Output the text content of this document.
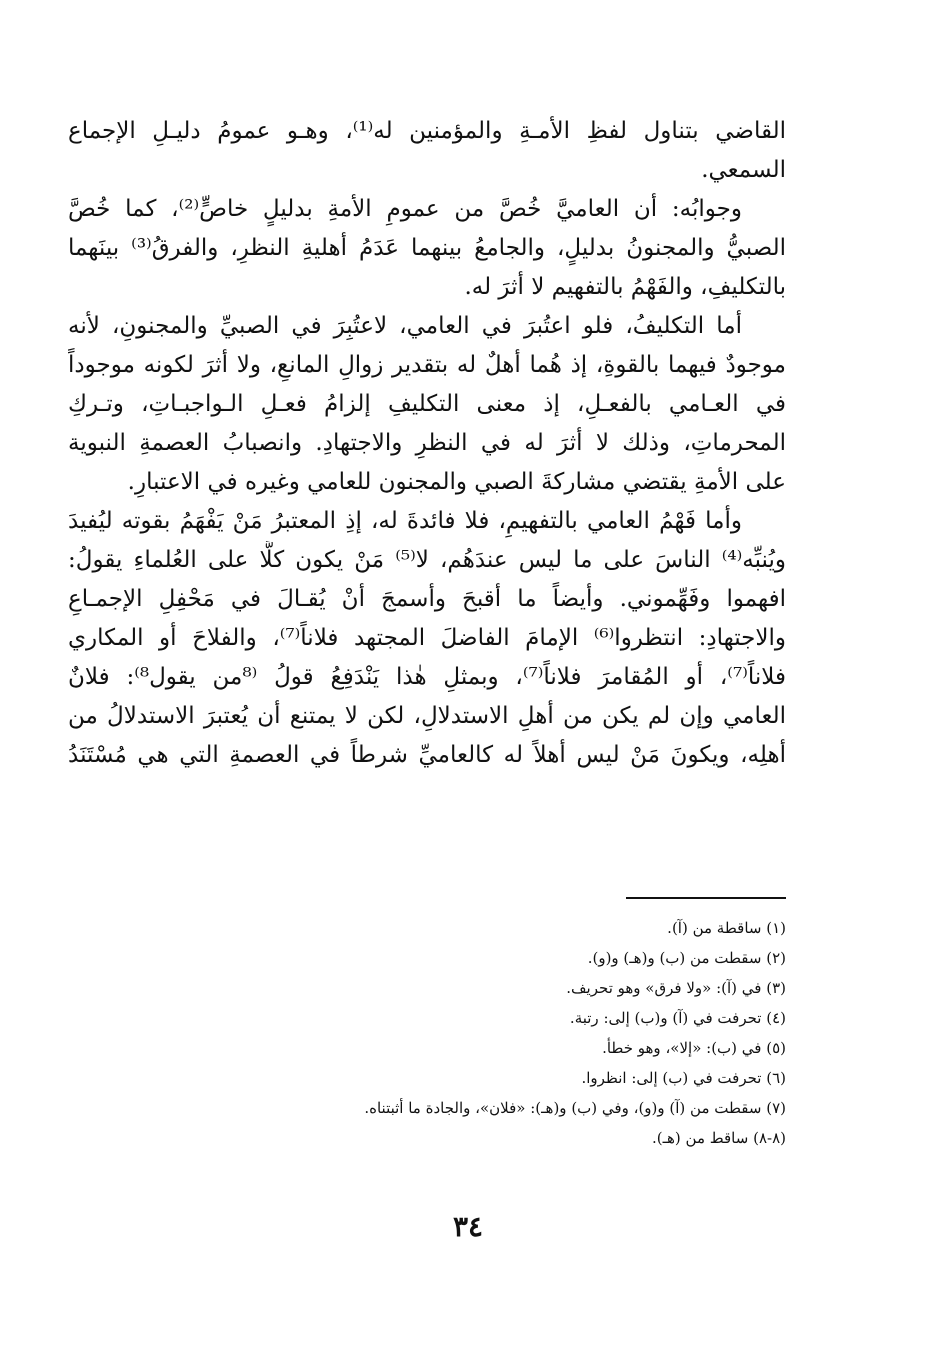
القاضي بتناول لفظِ الأمـةِ والمؤمنين له⁽¹⁾، وهـو عمومُ دليـلِ الإجماع
السمعي.
وجوابُه: أن العاميَّ خُصَّ من عمومِ الأمةِ بدليلٍ خاصٍّ⁽²⁾، كما خُصَّ
الصبيُّ والمجنونُ بدليلٍ، والجامعُ بينهما عَدَمُ أهليةِ النظرِ، والفرقُ⁽³⁾ بينَهما
بالتكليفِ، والفَهْمُ بالتفهيم لا أثرَ له.
أما التكليفُ، فلو اعتُبرَ في العامي، لاعتُبِرَ في الصبيِّ والمجنونِ، لأنه
موجودٌ فيهما بالقوةِ، إذ هُما أهلٌ له بتقدير زوالِ المانعِ، ولا أثرَ لكونه موجوداً
في العـامي بالفعـلِ، إذ معنى التكليفِ إلزامُ فعـلِ الـواجبـاتِ، وتـركِ
المحرماتِ، وذلك لا أثرَ له في النظرِ والاجتهادِ. وانصبابُ العصمةِ النبوية
على الأمةِ يقتضي مشاركةَ الصبي والمجنون للعامي وغيره في الاعتبارِ.
وأما فَهْمُ العامي بالتفهيمِ، فلا فائدةَ له، إذِ المعتبرُ مَنْ يَفْهَمُ بقوته ليُفيدَ
ويُنبِّه⁽⁴⁾ الناسَ على ما ليس عندَهُم، لا⁽⁵⁾ مَنْ يكون كلًّا على العُلماءِ يقولُ:
افهموا وفَهِّموني. وأيضاً ما أقبحَ وأسمجَ أنْ يُقـالَ في مَحْفِلِ الإجمـاعِ
والاجتهادِ: انتظروا⁽⁶⁾ الإمامَ الفاضلَ المجتهد فلاناً⁽⁷⁾، والفلاحَ أو المكاري
فلاناً⁽⁷⁾، أو المُقامرَ فلاناً⁽⁷⁾، وبمثلِ هٰذا يَنْدَفِعُ قولُ ⁽⁸من يقول⁸⁾: فلانٌ
العامي وإن لم يكن من أهلِ الاستدلالِ، لكن لا يمتنع أن يُعتبرَ الاستدلالُ من
أهلِه، ويكونَ مَنْ ليس أهلاً له كالعاميِّ شرطاً في العصمةِ التي هي مُسْتَنَدُ
(١) ساقطة من (آ).
(٢) سقطت من (ب) و(هـ) و(و).
(٣) في (آ): «ولا فرق» وهو تحريف.
(٤) تحرفت في (آ) و(ب) إلى: رتبة.
(٥) في (ب): «إلا»، وهو خطأ.
(٦) تحرفت في (ب) إلى: انظروا.
(٧) سقطت من (آ) و(و)، وفي (ب) و(هـ): «فلان»، والجادة ما أثبتناه.
(٨-٨) ساقط من (هـ).
٣٤
